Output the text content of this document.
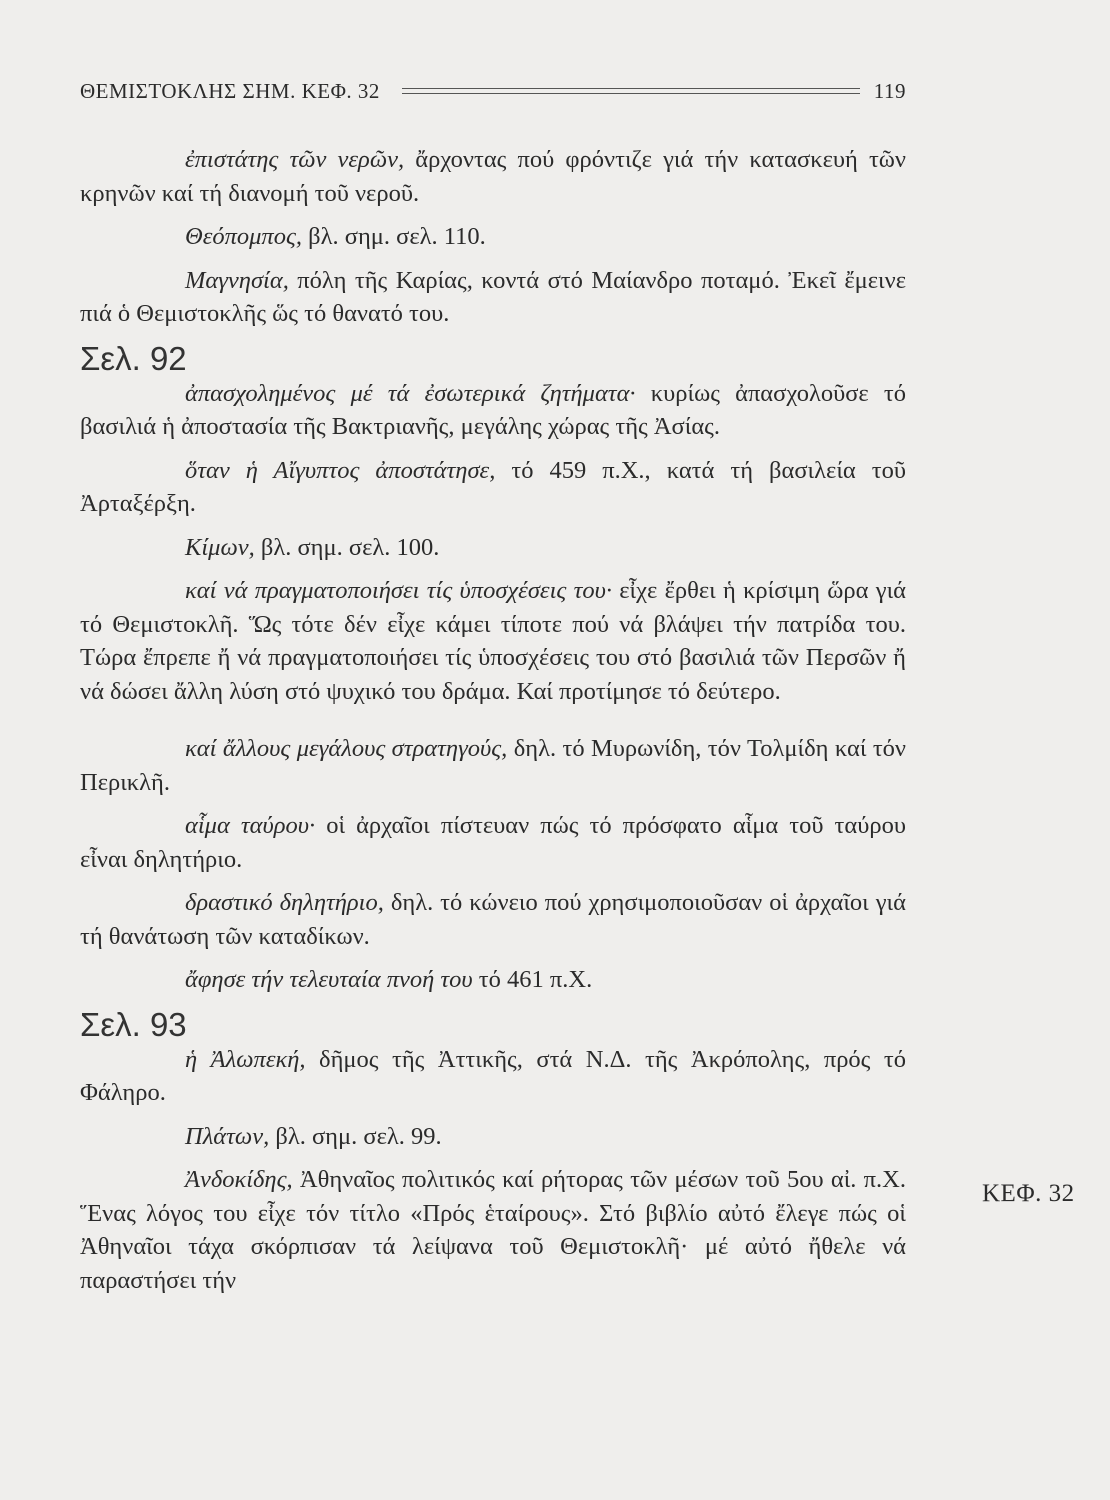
ΘΕΜΙΣΤΟΚΛΗΣ ΣΗΜ. ΚΕΦ. 32	119

ἐπιστάτης τῶν νερῶν, ἄρχοντας πού φρόντιζε γιά τήν κατασκευή τῶν κρηνῶν καί τή διανομή τοῦ νεροῦ.

Θεόπομπος, βλ. σημ. σελ. 110.

Μαγνησία, πόλη τῆς Καρίας, κοντά στό Μαίανδρο ποταμό. Ἐκεῖ ἔμεινε πιά ὁ Θεμιστοκλῆς ὥς τό θανατό του.

Σελ. 92

ἀπασχολημένος μέ τά ἐσωτερικά ζητήματα· κυρίως ἀπασχολοῦσε τό βασιλιά ἡ ἀποστασία τῆς Βακτριανῆς, μεγάλης χώρας τῆς Ἀσίας.

ὅταν ἡ Αἴγυπτος ἀποστάτησε, τό 459 π.Χ., κατά τή βασιλεία τοῦ Ἀρταξέρξη.

Κίμων, βλ. σημ. σελ. 100.

καί νά πραγματοποιήσει τίς ὑποσχέσεις του· εἶχε ἔρθει ἡ κρίσιμη ὥρα γιά τό Θεμιστοκλῆ. Ὥς τότε δέν εἶχε κάμει τίποτε πού νά βλάψει τήν πατρίδα του. Τώρα ἔπρεπε ἤ νά πραγματοποιήσει τίς ὑποσχέσεις του στό βασιλιά τῶν Περσῶν ἤ νά δώσει ἄλλη λύση στό ψυχικό του δράμα. Καί προτίμησε τό δεύτερο.

καί ἄλλους μεγάλους στρατηγούς, δηλ. τό Μυρωνίδη, τόν Τολμίδη καί τόν Περικλῆ.

αἷμα ταύρου· οἱ ἀρχαῖοι πίστευαν πώς τό πρόσφατο αἷμα τοῦ ταύρου εἶναι δηλητήριο.

δραστικό δηλητήριο, δηλ. τό κώνειο πού χρησιμοποιοῦσαν οἱ ἀρχαῖοι γιά τή θανάτωση τῶν καταδίκων.

ἄφησε τήν τελευταία πνοή του τό 461 π.Χ.

Σελ. 93

ἡ Ἀλωπεκή, δῆμος τῆς Ἀττικῆς, στά Ν.Δ. τῆς Ἀκρόπολης, πρός τό Φάληρο.

Πλάτων, βλ. σημ. σελ. 99.

Ἀνδοκίδης, Ἀθηναῖος πολιτικός καί ρήτορας τῶν μέσων τοῦ 5ου αἰ. π.Χ. Ἕνας λόγος του εἶχε τόν τίτλο «Πρός ἑταίρους». Στό βιβλίο αὐτό ἔλεγε πώς οἱ Ἀθηναῖοι τάχα σκόρπισαν τά λείψανα τοῦ Θεμιστοκλῆ· μέ αὐτό ἤθελε νά παραστήσει τήν

ΚΕΦ. 32
